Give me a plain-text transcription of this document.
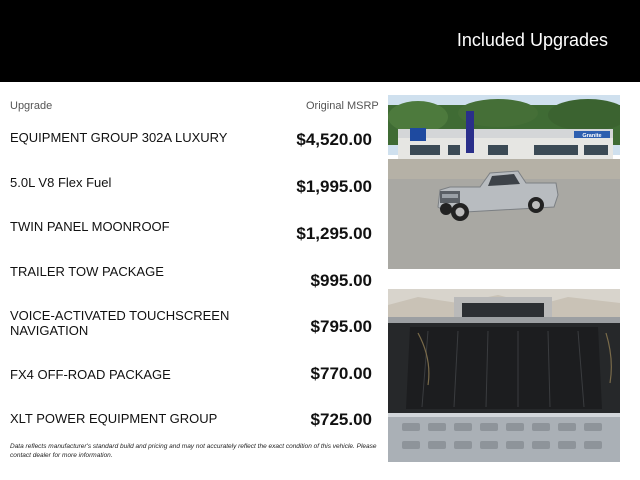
Included Upgrades
Upgrade	Original MSRP
EQUIPMENT GROUP 302A LUXURY	$4,520.00
5.0L V8 Flex Fuel	$1,995.00
TWIN PANEL MOONROOF	$1,295.00
TRAILER TOW PACKAGE	$995.00
VOICE-ACTIVATED TOUCHSCREEN NAVIGATION	$795.00
FX4 OFF-ROAD PACKAGE	$770.00
XLT POWER EQUIPMENT GROUP	$725.00
Data reflects manufacturer's standard build and pricing and may not accurately reflect the exact condition of this vehicle. Please contact dealer for more information.
Granite
